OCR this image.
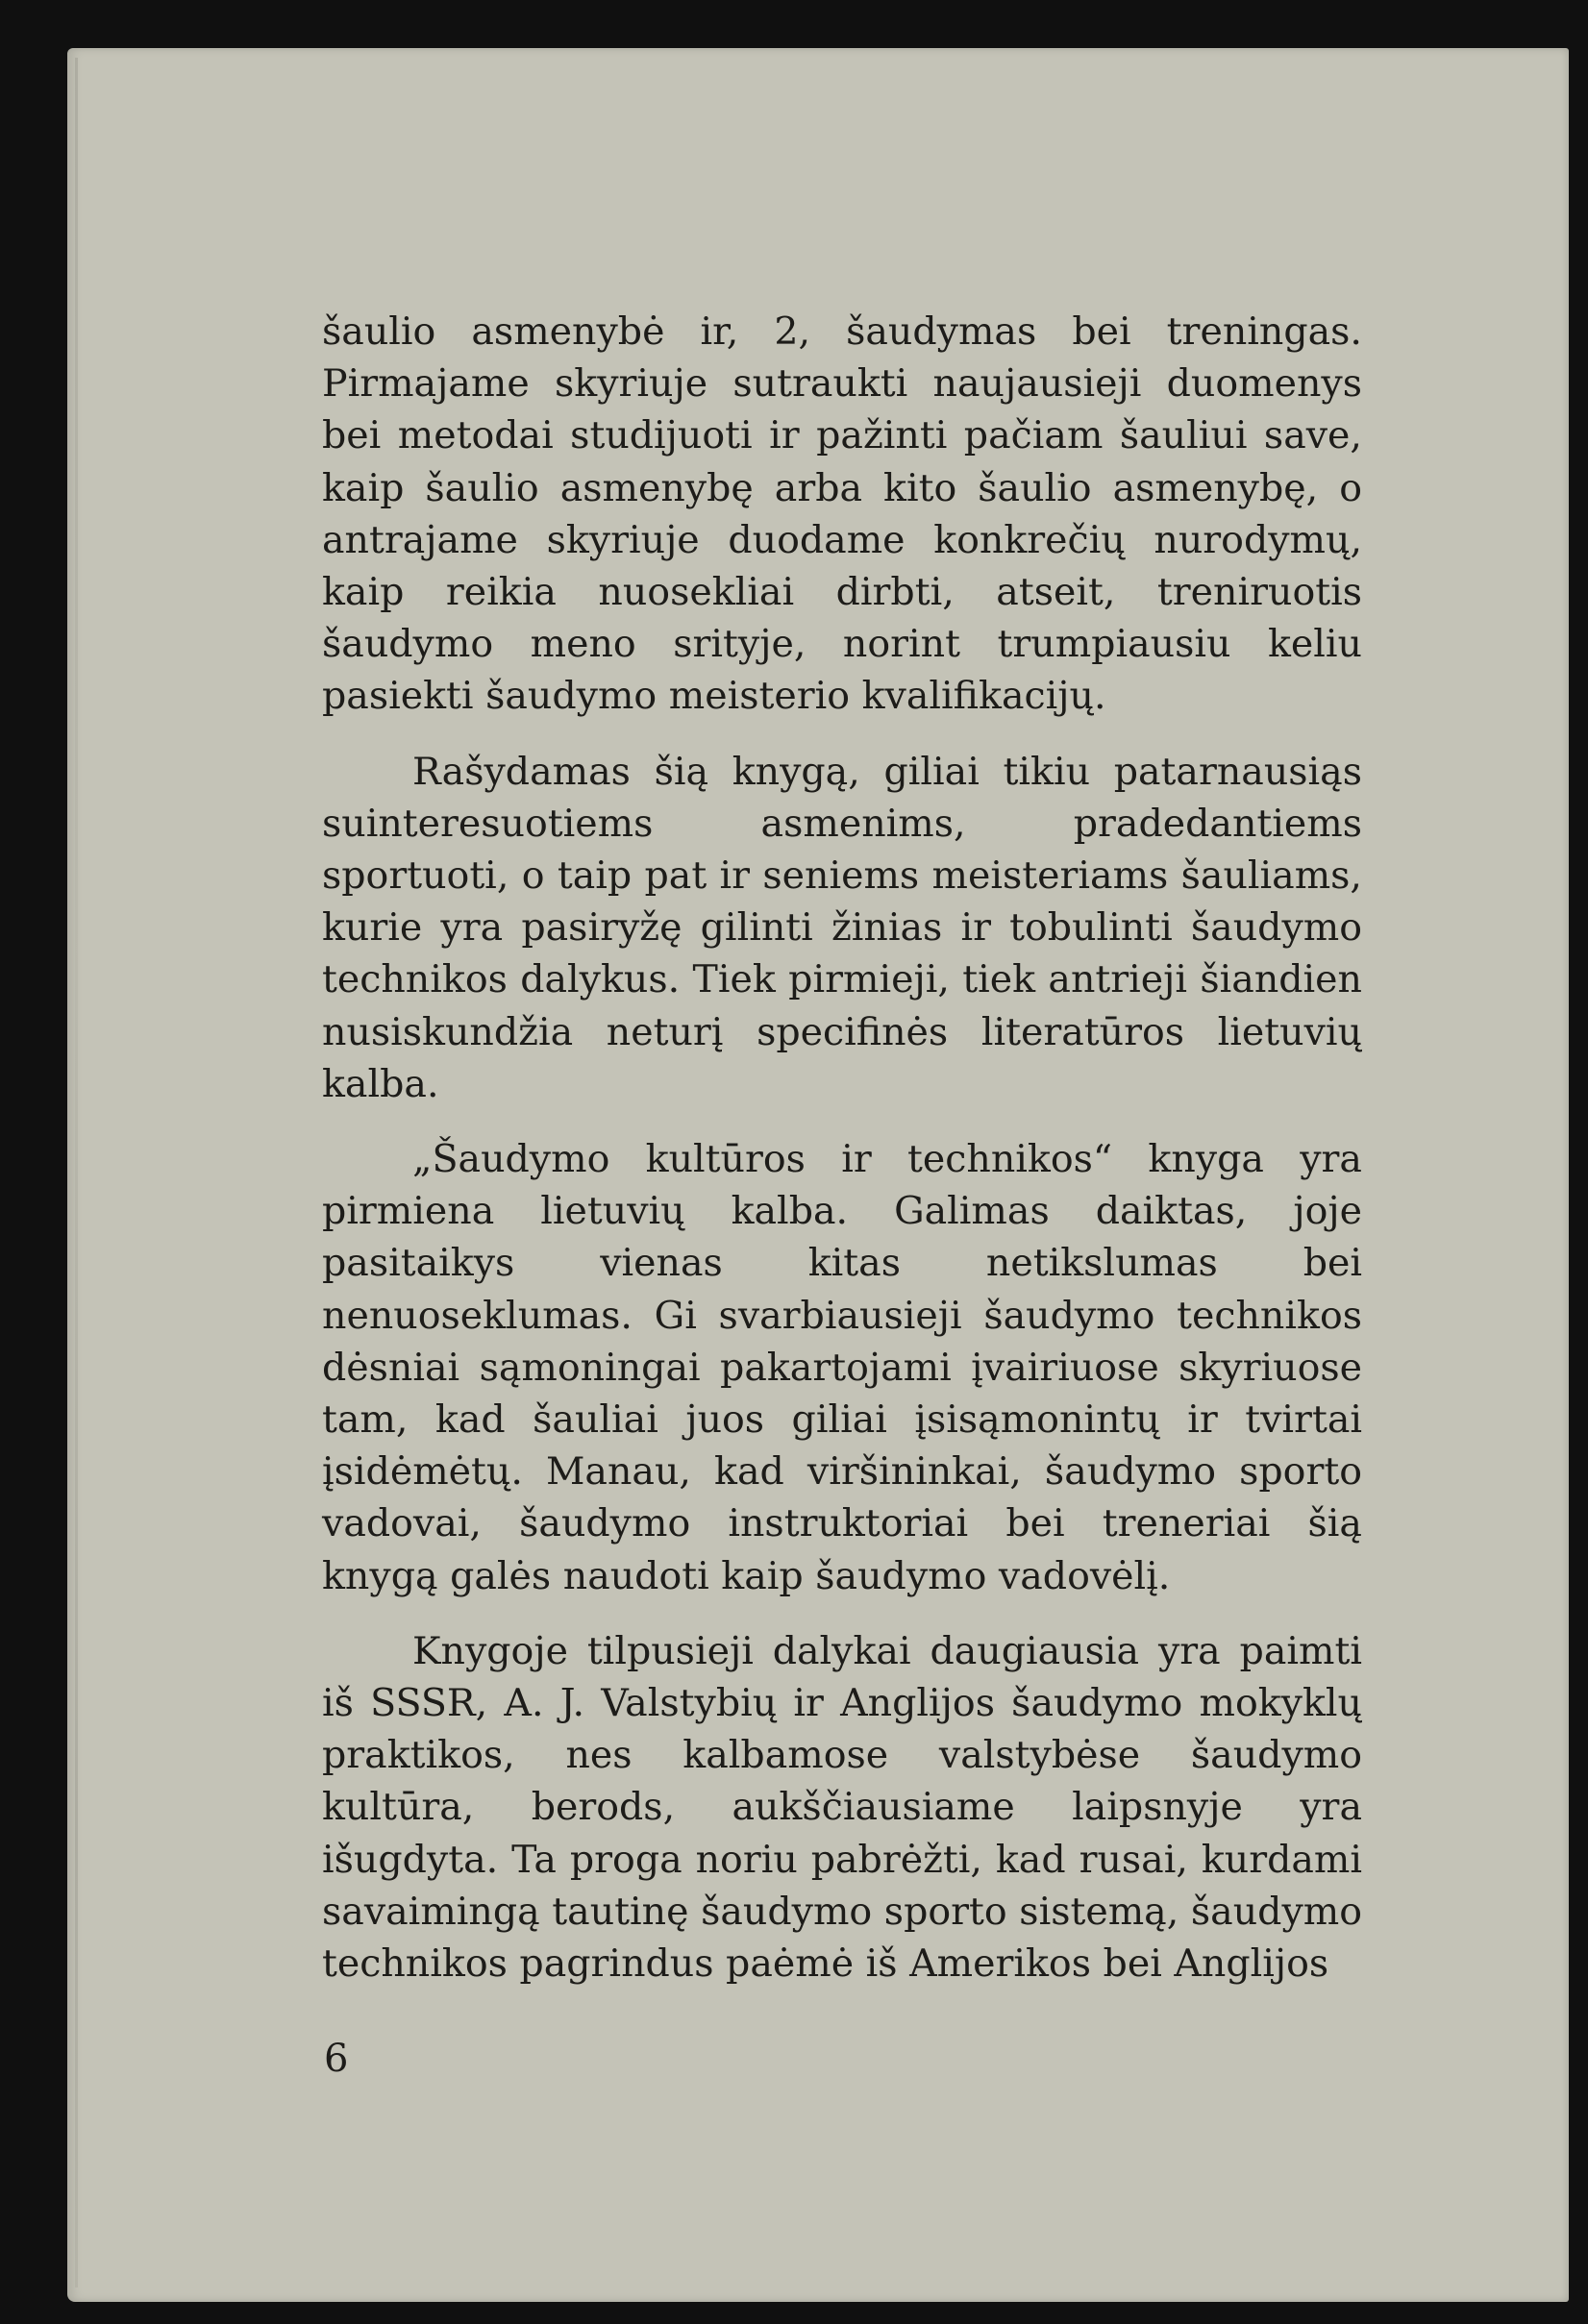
šaulio asmenybė ir, 2, šaudymas bei treningas. Pirmajame skyriuje sutraukti naujausieji duomenys bei metodai studijuoti ir pažinti pačiam šauliui save, kaip šaulio asmenybę arba kito šaulio asmenybę, o antrajame skyriuje duodame konkrečių nurodymų, kaip reikia nuosekliai dirbti, atseit, treniruotis šaudymo meno srityje, norint trumpiausiu keliu pasiekti šaudymo meisterio kvalifikacijų.

Rašydamas šią knygą, giliai tikiu patarnausiąs suinteresuotiems asmenims, pradedantiems sportuoti, o taip pat ir seniems meisteriams šauliams, kurie yra pasiryžę gilinti žinias ir tobulinti šaudymo technikos dalykus. Tiek pirmieji, tiek antrieji šiandien nusiskundžia neturį specifinės literatūros lietuvių kalba.

„Šaudymo kultūros ir technikos“ knyga yra pirmiena lietuvių kalba. Galimas daiktas, joje pasitaikys vienas kitas netikslumas bei nenuoseklumas. Gi svarbiausieji šaudymo technikos dėsniai sąmoningai pakartojami įvairiuose skyriuose tam, kad šauliai juos giliai įsisąmonintų ir tvirtai įsidėmėtų. Manau, kad viršininkai, šaudymo sporto vadovai, šaudymo instruktoriai bei treneriai šią knygą galės naudoti kaip šaudymo vadovėlį.

Knygoje tilpusieji dalykai daugiausia yra paimti iš SSSR, A. J. Valstybių ir Anglijos šaudymo mokyklų praktikos, nes kalbamose valstybėse šaudymo kultūra, berods, aukščiausiame laipsnyje yra išugdyta. Ta proga noriu pabrėžti, kad rusai, kurdami savaimingą tautinę šaudymo sporto sistemą, šaudymo technikos pagrindus paėmė iš Amerikos bei Anglijos

6
